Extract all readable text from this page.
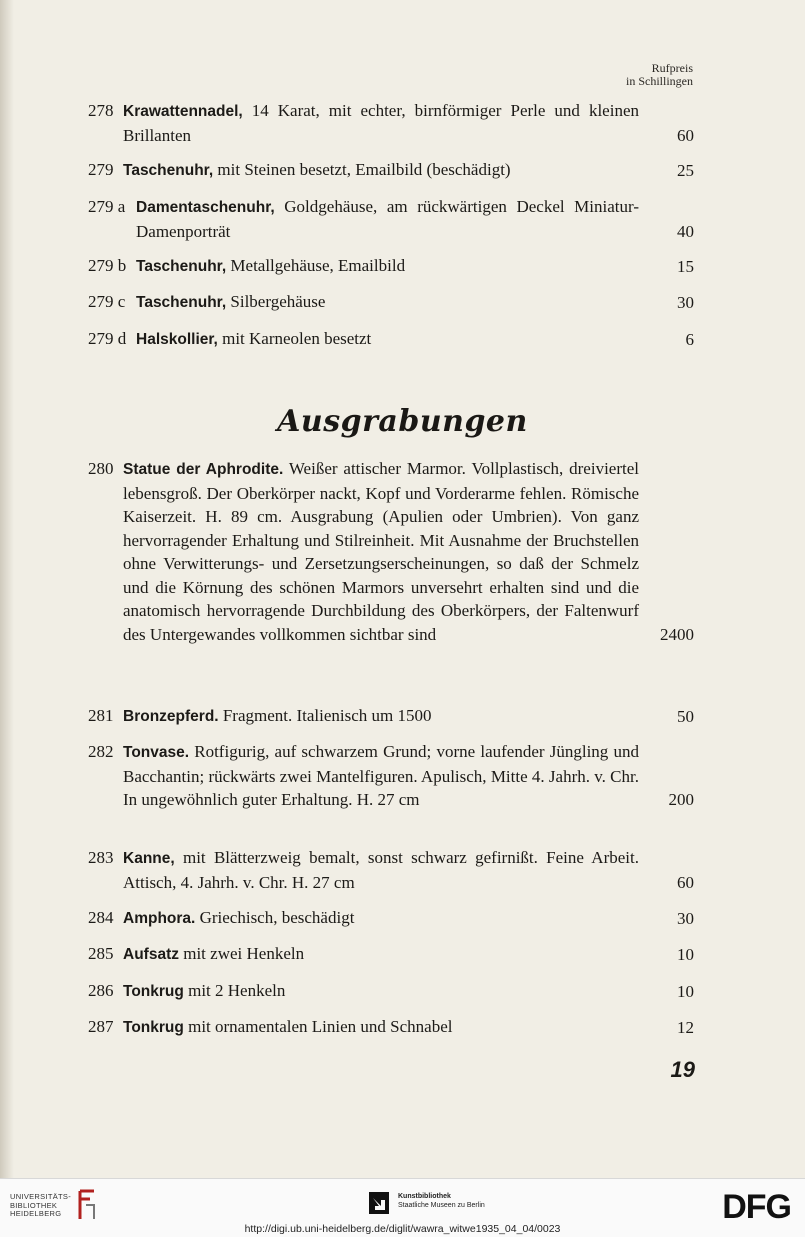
Rufpreis
in Schillingen
278 Krawattennadel, 14 Karat, mit echter, birnförmiger Perle und kleinen Brillanten	60
279 Taschenuhr, mit Steinen besetzt, Emailbild (beschädigt)	25
279 a Damentaschenuhr, Goldgehäuse, am rückwärtigen Deckel Miniatur-Damenporträt	40
279 b Taschenuhr, Metallgehäuse, Emailbild	15
279 c Taschenuhr, Silbergehäuse	30
279 d Halskollier, mit Karneolen besetzt	6
Ausgrabungen
280 Statue der Aphrodite. Weißer attischer Marmor. Vollplastisch, dreiviertel lebensgroß. Der Oberkörper nackt, Kopf und Vorderarme fehlen. Römische Kaiserzeit. H. 89 cm. Ausgrabung (Apulien oder Umbrien). Von ganz hervorragender Erhaltung und Stilreinheit. Mit Ausnahme der Bruchstellen ohne Verwitterungs- und Zersetzungserscheinungen, so daß der Schmelz und die Körnung des schönen Marmors unversehrt erhalten sind und die anatomisch hervorragende Durchbildung des Oberkörpers, der Faltenwurf des Untergewandes vollkommen sichtbar sind	2400
281 Bronzepferd. Fragment. Italienisch um 1500	50
282 Tonvase. Rotfigurig, auf schwarzem Grund; vorne laufender Jüngling und Bacchantin; rückwärts zwei Mantelfiguren. Apulisch, Mitte 4. Jahrh. v. Chr. In ungewöhnlich guter Erhaltung. H. 27 cm	200
283 Kanne, mit Blätterzweig bemalt, sonst schwarz gefirnißt. Feine Arbeit. Attisch, 4. Jahrh. v. Chr. H. 27 cm	60
284 Amphora. Griechisch, beschädigt	30
285 Aufsatz mit zwei Henkeln	10
286 Tonkrug mit 2 Henkeln	10
287 Tonkrug mit ornamentalen Linien und Schnabel	12
19
UNIVERSITÄTS-
BIBLIOTHEK
HEIDELBERG
Kunstbibliothek
Staatliche Museen zu Berlin	DFG
http://digi.ub.uni-heidelberg.de/diglit/wawra_witwe1935_04_04/0023
